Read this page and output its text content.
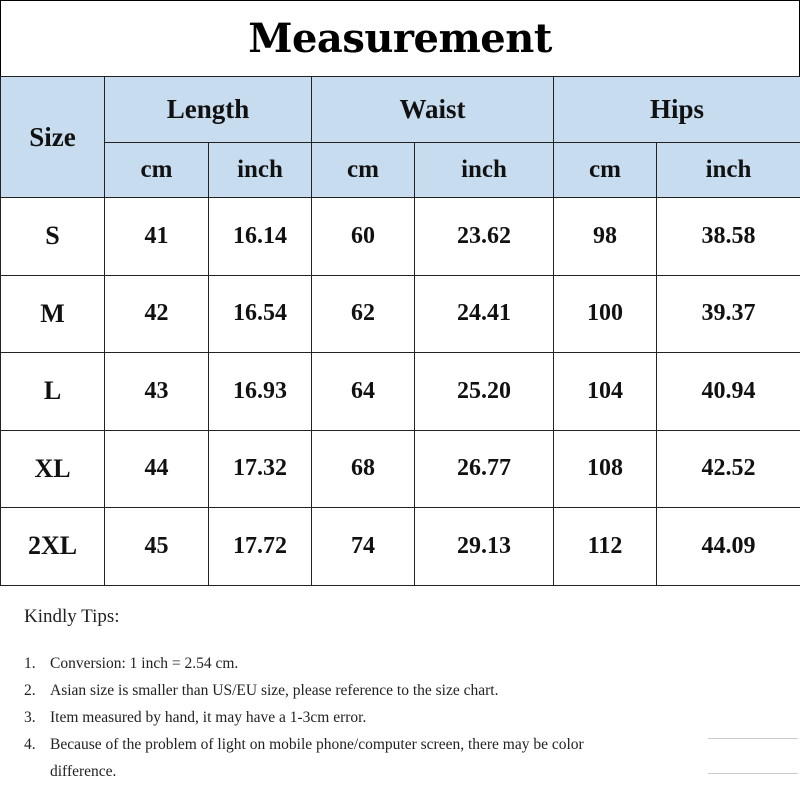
Measurement
Size	Length		Waist		Hips	
	cm	inch	cm	inch	cm	inch
S	41	16.14	60	23.62	98	38.58
M	42	16.54	62	24.41	100	39.37
L	43	16.93	64	25.20	104	40.94
XL	44	17.32	68	26.77	108	42.52
2XL	45	17.72	74	29.13	112	44.09
Kindly Tips:
1. Conversion: 1 inch = 2.54 cm.
2. Asian size is smaller than US/EU size, please reference to the size chart.
3. Item measured by hand, it may have a 1-3cm error.
4. Because of the problem of light on mobile phone/computer screen, there may be color difference.
